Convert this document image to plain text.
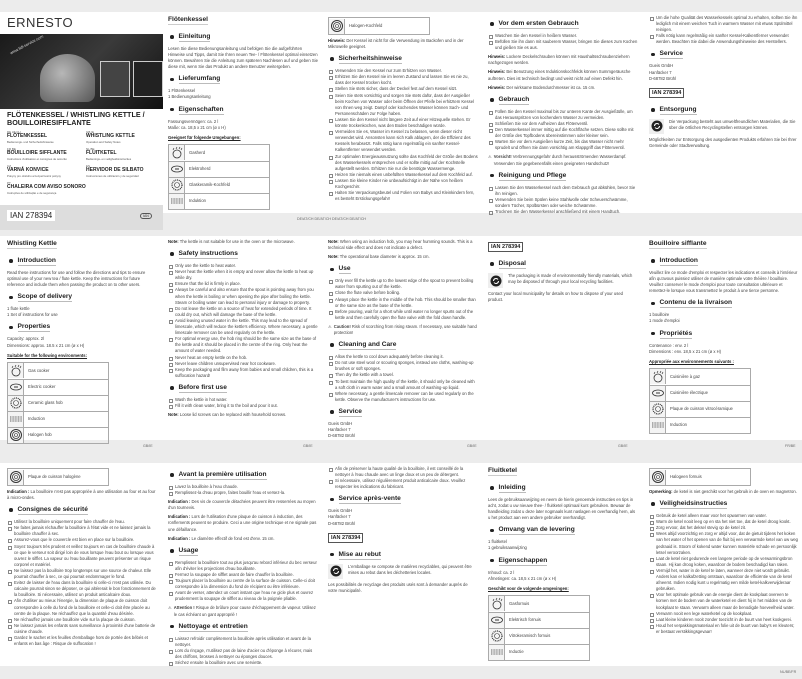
ERNESTO
www.lidl-service.com
FLÖTENKESSEL / WHISTLING KETTLE / BOUILLOIRESIFFLANTE
DE AT CH
FLÖTENKESSEL
Bedienungs- und Sicherheitshinweise
GB IE
WHISTLING KETTLE
Operation and Safety Notes
FR BE
BOUILLOIRE SIFFLANTE
Instructions d'utilisation et consignes de sécurité
NL BE
FLUITKETEL
Bedienings- en veiligheidsinstructies
CZ
VARNÁ KONVICE
Pokyny pro obsluhu a bezpečnostní pokyny
ES
HERVIDOR DE SILBATO
Instrucciones de utilización y de seguridad
PT
CHALEIRA COM AVISO SONORO
Instruções de utilização e de segurança
IAN 278394	IAN
Flötenkessel
Einleitung
Lesen Sie diese Bedienungsanleitung und befolgen Sie die aufgeführten Hinweise und Tipps, damit Sie Ihren neuen Tee- / Flötenkessel optimal einsetzen können. Bewahren Sie die Anleitung zum späteren Nachlesen auf und geben Sie diese mit, wenn Sie das Produkt an andere Benutzer weitergeben.
Lieferumfang
1 Flötenkessel
1 Bedienungsanleitung
Eigenschaften
Fassungsvermögen: ca. 2 l
Maße: ca. 18,5 x 21 cm (ø x H)
Geeignet für folgende Umgebungen:
Gasherd
Elektroherd
Glaskeramik-Kochfeld
Induktion
Halogen-Kochfeld
Hinweis: Der Kessel ist nicht für die Verwendung im Backofen und in der Mikrowelle geeignet.
Sicherheitshinweise
Verwenden Sie den Kessel nur zum Erhitzen von Wasser.
Erhitzen Sie den Kessel nie im leeren Zustand und lassen Sie es nie zu, dass der Kessel trocken kocht.
Stellen Sie stets sicher, dass der Deckel fest auf dem Kessel sitzt.
Seien Sie stets vorsichtig und sorgen Sie stets dafür, dass der Ausgießer beim Kochen von Wasser oder beim Öffnen der Pfeife bei erhitztem Kessel von Ihnen weg zeigt. Dampf oder kochendes Wasser können Sach- und Personenschäden zur Folge haben.
Lassen Sie den Kessel nicht längere Zeit auf einer Hitzequelle stehen. Er könnte trockenkochen, was den Boden beschädigen würde.
Vermeiden Sie es, Wasser im Kessel zu belassen, wenn dieser nicht verwendet wird. Ansonsten kann sich Kalk ablagern, der die Effizienz des Kessels herabsetzt. Falls nötig kann regelmäßig ein sanfter Kessel-Kalkentferner verwendet werden.
Zur optimalen Energieausnutzung sollte das Kochfeld der Größe des Bodens des Wasserkessels entsprechen und er sollte mittig auf der Kochstelle aufgestellt werden. Erhitzen Sie nur die benötigte Wassermenge.
Heizen Sie niemals einen unbefüllten Wasserkessel auf dem Kochfeld auf.
Lassen Sie kleine Kinder nie unbeaufsichtigt in der Nähe von heißem Kochgeschirr.
Halten Sie Verpackungsbeutel und Folien von Babys und Kleinkindern fern, es besteht Erstickungsgefahr!
Vor dem ersten Gebrauch
Waschen Sie den Kessel in heißem Wasser.
Befüllen Sie ihn dann mit sauberem Wasser, bringen Sie dieses zum Kochen und gießen Sie es aus.
Hinweis: Lockere Deckelschrauben können mit Haushaltsschraubenziehern nachgezogen werden.
Hinweis: Bei Benutzung eines Induktionskochfelds können Summgeräusche auftreten. Dies ist technisch bedingt und weist nicht auf einen Defekt hin.
Hinweis: Der wirksame Bodendurchmesser ist ca. 15 cm.
Gebrauch
Füllen Sie den Kessel maximal bis zur unteren Kante der Ausgießtülle, um das Herausspritzen von kochendem Wasser zu vermeiden.
Schließen Sie vor dem Aufheizen das Flötenventil.
Den Wasserkessel immer mittig auf die Kochfläche setzen. Diese sollte mit der Größe des Topfbodens übereinstimmen oder kleiner sein.
Warten Sie vor dem Ausgießen kurze Zeit, bis das Wasser nicht mehr sprudelt und öffnen Sie dann vorsichtig am Klappgriff das Flötenventil.
⚠ Vorsicht! Verbrennungsgefahr durch herausströmenden Wasserdampf. Verwenden Sie gegebenenfalls einen geeigneten Handschutz!
Reinigung und Pflege
Lassen Sie den Wasserkessel nach dem Gebrauch gut abkühlen, bevor Sie ihn reinigen.
Verwenden Sie beim Spülen keine Stahlwolle oder Scheuerschwämme, sondern Tücher, Spülbürsten oder weiche Schwämme.
Trocknen Sie den Wasserkessel anschließend mit einem Handtuch.
Um die hohe Qualität des Wasserkessels optimal zu erhalten, sollten Sie ihn lediglich mit einem weichen Tuch in warmem Wasser mit etwas Spülmittel reinigen.
Falls nötig kann regelmäßig ein sanfter Kessel-Kalkentferner verwendet werden. Beachten Sie dabei die Anwendungshinweise des Herstellers.
Service
Gueis GmbH
Hanfäcker 7
D-68782 Brühl
IAN 278394
Entsorgung
Die Verpackung besteht aus umweltfreundlichen Materialien, die Sie über die örtlichen Recyclingstellen entsorgen können.
Möglichkeiten zur Entsorgung des ausgedienten Produkts erfahren Sie bei Ihrer Gemeinde oder Stadtverwaltung.
Whistling Kettle
Introduction
Read these instructions for use and follow the directions and tips to ensure optimal use of your new tea / flute kettle. Keep the instructions for future reference and include them when passing the product on to other users.
Scope of delivery
1 flute kettle
1 Set of instructions for use
Properties
Capacity: approx. 2l
Dimensions: approx. 18.5 x 21 cm (ø x H)
Suitable for the following environments:
Gas cooker
Electric cooker
Ceramic glass hob
Induction
Halogen hob
Note: The kettle is not suitable for use in the oven or the microwave.
Safety instructions
Only use the kettle to heat water.
Never heat the kettle when it is empty and never allow the kettle to heat up while dry.
Ensure that the lid is firmly in place.
Always be careful and also ensure that the spout is pointing away from you when the kettle is boiling or when opening the pipe after boiling the kettle. Steam or boiling water can lead to personal injury or damage to property.
Do not leave the kettle on a source of heat for extended periods of time. It could dry out, which will damage the base of the kettle.
Avoid leaving unused water in the kettle. This may lead to the spread of limescale, which will reduce the kettle's efficiency. Where necessary, a gentle limescale remover can be used regularly on the kettle.
For optimal energy use, the hob ring should be the same size as the base of the kettle and it should be placed in the centre of the ring. Only heat the amount of water needed.
Never heat an empty kettle on the hob.
Never leave children unsupervised near hot cookware.
Keep the packaging and film away from babies and small children, this is a suffocation hazard!
Before first use
Wash the kettle in hot water.
Fill it with clean water, bring it to the boil and pour it out.
Note: Loose lid screws can be replaced with household screws.
Note: When using an induction hob, you may hear humming sounds. This is a technical side effect and does not indicate a defect.
Note: The operational base diameter is approx. 15 cm.
Use
Only ever fill the kettle up to the lowest edge of the spout to prevent boiling water from spurting out of the kettle.
Close the flute valve before boiling.
Always place the kettle in the middle of the hob. This should be smaller than or the same size as the base of the kettle.
Before pouring, wait for a short while until water no longer spurts out of the kettle and then carefully open the flute valve with the fold down handle.
⚠ Caution! Risk of scorching from rising steam. If necessary, use suitable hand protection!
Cleaning and Care
Allow the kettle to cool down adequately before cleaning it.
Do not use steel wool or scouring sponges, instead use cloths, washing-up brushes or soft sponges.
Then dry the kettle with a towel.
To best maintain the high quality of the kettle, it should only be cleaned with a soft cloth in warm water and a small amount of washing-up liquid.
Where necessary, a gentle limescale remover can be used regularly on the kettle. Observe the manufacturer's instructions for use.
Service
Gueis GmbH
Hanfäcker 7
D-68782 Brühl
IAN 278394
Disposal
The packaging is made of environmentally friendly materials, which may be disposed of through your local recycling facilities.
Contact your local municipality for details on how to dispose of your used product.
Bouilloire sifflante
Introduction
Veuillez lire ce mode d'emploi et respecter les indications et conseils à l'intérieur afin qu'avous puissiez utiliser de manière optimale votre théière / bouilloire. Veuillez conserver le mode d'emploi pour toute consultation ultérieure et remettez-le lorsque vous transmettez le produit à une tierce personne.
Contenu de la livraison
1 bouilloire
1 mode d'emploi
Propriétés
Contenance : env. 2 l
Dimensions : env. 18,5 x 21 cm (ø x H)
Appropriée aux environnements suivants :
Cuisinière à gaz
Cuisinière électrique
Plaque de cuisson vitrocéramique
Induction
Plaque de cuisson halogène
Indication : La bouilloire n'est pas appropriée à une utilisation au four et au four à micro-ondes.
Consignes de sécurité
Utilisez la bouilloire uniquement pour faire chauffer de l'eau.
Ne faites jamais réchauffer la bouilloire à l'état vide et ne laissez jamais la bouilloire chauffer à sec.
Assurez-vous que le couvercle est bien en place sur la bouilloire.
Soyez toujours très prudent et veillez toujours en cas de bouilloire chaude à ce que le verseur soit dirigé loin de vous lorsque l'eau bout ou lorsque vous ouvrez le sifflet. La vapeur ou l'eau bouillante peuvent présenter un risque corporel et matériel.
Ne laissez pas la bouilloire trop longtemps sur une source de chaleur. Elle pourrait chauffer à sec, ce qui pourrait endommager le fond.
Evitez de laisser de l'eau dans la bouilloire si celle-ci n'est pas utilisée. Du calcaire pourrait sinon se déposer, ce qui altérerait le bon fonctionnement de la bouilloire. Si nécessaire, utilisez un produit anticalcaire doux.
Afin d'utiliser au mieux l'énergie, la dimension de plaque de cuisson doit correspondre à celle du fond de la bouilloire et celle-ci doit être placée au centre de la plaque. Ne réchauffez que la quantité d'eau désirée.
Ne réchauffez jamais une bouilloire vide sur la plaque de cuisson.
Ne laissez jamais les enfants sans surveillance à proximité d'une batterie de cuisine chaude.
Gardez le sachet et les feuilles d'emballage hors de portée des bébés et enfants en bas âge : Risque de suffocation !
Avant la première utilisation
Lavez la bouilloire à l'eau chaude.
Remplissez-la d'eau propre, faites bouillir l'eau et versez-la.
Indication : Des vis de couvercle détachées peuvent être resserrées au moyen d'un tournevis.
Indication : Lors de l'utilisation d'une plaque de cuisson à induction, des ronflements peuvent se produire. Ceci a une origine technique et ne signale pas une défaillance.
Indication : Le diamètre effectif de fond est d'env. 15 cm.
Usage
Remplissez la bouilloire tout au plus jusqu'au rebord inférieur du bec verseur afin d'éviter les projections d'eau bouillante.
Fermez la soupape de sifflet avant de faire chauffer la bouilloire.
Toujours placer la bouilloire au centre de la surface de cuisson. Celle-ci doit correspondre à la dimension du fond de récipient ou être inférieure.
Avant de verser, attendez un court instant que l'eau ne gicle plus et ouvrez prudemment la soupape de sifflet au niveau de la poignée pliable.
⚠ Attention ! Risque de brûlure pour cause d'échappement de vapeur. Utilisez le cas échéant un gant approprié !
Nettoyage et entretien
Laissez refroidir complètement la bouilloire après utilisation et avant de la nettoyer.
Lors du rinçage, n'utilisez pas de laine d'acier ou d'éponge à récurer, mais des chiffons, brosses à nettoyer ou éponges douces.
Séchez ensuite la bouilloire avec une serviette.
Afin de préserver la haute qualité de la bouilloire, il est conseillé de la nettoyer à l'eau chaude avec un linge doux et un peu de détergent.
Si nécessaire, utilisez régulièrement produit anticalcaire doux. Veuillez respecter les indications du fabricant.
Service après-vente
Gueis GmbH
Hanfäcker 7
D-68782 Brühl
IAN 278394
Mise au rebut
L'emballage se compose de matières recyclables, qui peuvent être mises au rebut dans les déchetteries locales.
Les possibilités de recyclage des produits usés sont à demander auprès de votre municipalité.
Fluitketel
Inleiding
Lees de gebruiksaanwijzing en neem de hierin genoemde instructies en tips in acht, zodat u uw nieuwe thee- / fluitketel optimaal kunt gebruiken. Bewaar de handleiding zodat u deze later nogmaals kunt naslagen en overhandig hem, als u het product aan een andere gebruiker overhandigt.
Omvang van de levering
1 fluitketel
1 gebruiksaanwijzing
Eigenschappen
Inhoud: ca. 2 l
Afmetingen: ca. 18,5 x 21 cm (ø x H)
Geschikt voor de volgende omgevingen:
Gasfornuis
Elektrisch fornuis
Vitrokeramisch fornuis
Inductie
Halogeen fornuis
Opmerking: de ketel is niet geschikt voor het gebruik in de oven en magnetron.
Veiligheidsinstructies
Gebruik de ketel alleen maar voor het opwarmen van water.
Warm de ketel nooit leeg op en sta het niet toe, dat de ketel droog kookt.
Zorg ervoor, dat het deksel stevig op de ketel zit.
Wees altijd voorzichtig en zorg er altijd voor, dat de gietuit tijdens het koken van het water of het openen van de fluit bij een verwarmde ketel van uw weg gedraaid is. Stoom of kokend water kunnen materiële schade en persoonlijk letsel veroorzaken.
Laat de ketel niet gedurende een langere periode op de verwarmingsbron staan. Hij kan droog koken, waardoor de bodem beschadigd kan raken.
Vermijd het, water in de ketel te laten, wanneer deze niet wordt gebruikt. Anders kan er kalkafzetting ontstaan, waardoor de efficiëntie van de ketel afneemt. Indien nodig kunt u regelmatig een milde ketel-kalkverwijderaar gebruiken.
Voor het optimale gebruik van de energie dient de kookplaat overeen te komen met de bodem van de waterketel en dient hij in het midden van de kookplaat te staan. Verwarm alleen maar de benodigde hoeveelheid water.
Verwarm nooit een lege waterketel op de kookplaat.
Laat kleine kinderen nooit zonder toezicht in de buurt van heet kookgerei.
Houd het verpakkingsmateriaal en folie uit de buurt van baby's en kleuters; er bestaat verstikkingsgevaar!
DE/AT/CH DE/AT/CH DE/AT/CH DE/AT/CH
GB/IE	GB/IE	GB/IE	GB/IE	FR/BE
NL/BE/FR
